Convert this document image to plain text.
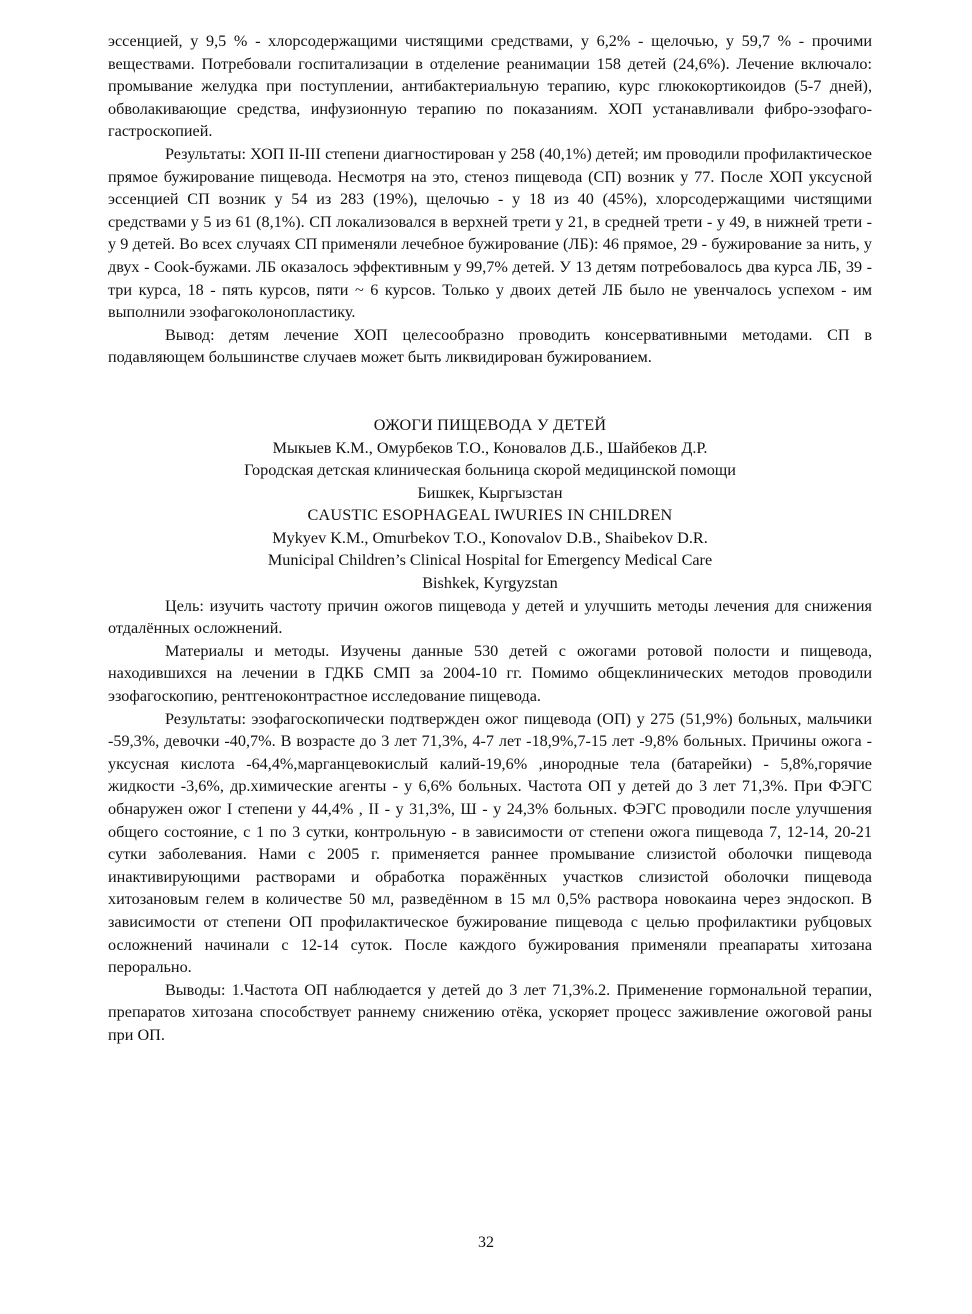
эссенцией, у 9,5 % - хлорсодержащими чистящими средствами, у 6,2% - щелочью, у 59,7 % - прочими веществами. Потребовали госпитализации в отделение реанимации 158 детей (24,6%). Лечение включало: промывание желудка при поступлении, антибактериальную терапию, курс глюкокортикоидов (5-7 дней), обволакивающие средства, инфузионную терапию по показаниям. ХОП устанавливали фибро-эзофаго-гастроскопией.

Результаты: ХОП II-III степени диагностирован у 258 (40,1%) детей; им проводили профилактическое прямое бужирование пищевода. Несмотря на это, стеноз пищевода (СП) возник у 77. После ХОП уксусной эссенцией СП возник у 54 из 283 (19%), щелочью - у 18 из 40 (45%), хлорсодержащими чистящими средствами у 5 из 61 (8,1%). СП локализовался в верхней трети у 21, в средней трети - у 49, в нижней трети - у 9 детей. Во всех случаях СП применяли лечебное бужирование (ЛБ): 46 прямое, 29 - бужирование за нить, у двух - Cook-бужами. ЛБ оказалось эффективным у 99,7% детей. У 13 детям потребовалось два курса ЛБ, 39 - три курса, 18 - пять курсов, пяти ~ 6 курсов. Только у двоих детей ЛБ было не увенчалось успехом - им выполнили эзофагоколонопластику.

Вывод: детям лечение ХОП целесообразно проводить консервативными методами. СП в подавляющем большинстве случаев может быть ликвидирован бужированием.

ОЖОГИ ПИЩЕВОДА У ДЕТЕЙ

Мыкыев К.М., Омурбеков Т.О., Коновалов Д.Б., Шайбеков Д.Р.

Городская детская клиническая больница скорой медицинской помощи

Бишкек, Кыргызстан

CAUSTIC ESOPHAGEAL IWURIES IN CHILDREN

Mykyev K.M., Omurbekov T.O., Konovalov D.B., Shaibekov D.R.

Municipal Children’s Clinical Hospital for Emergency Medical Care

Bishkek, Kyrgyzstan

Цель: изучить частоту причин ожогов пищевода у детей и улучшить методы лечения для снижения отдалённых осложнений.

Материалы и методы. Изучены данные 530 детей с ожогами ротовой полости и пищевода, находившихся на лечении в ГДКБ СМП за 2004-10 гг. Помимо общеклинических методов проводили эзофагоскопию, рентгеноконтрастное исследование пищевода.

Результаты: эзофагоскопически подтвержден ожог пищевода (ОП) у 275 (51,9%) больных, мальчики -59,3%, девочки -40,7%. В возрасте до 3 лет 71,3%, 4-7 лет -18,9%,7-15 лет -9,8% больных. Причины ожога - уксусная кислота -64,4%,марганцевокислый калий-19,6% ,инородные тела (батарейки) - 5,8%,горячие жидкости -3,6%, др.химические агенты - у 6,6% больных. Частота ОП у детей до 3 лет 71,3%. При ФЭГС обнаружен ожог I степени у 44,4% , II - у 31,3%, Ш - у 24,3% больных. ФЭГС проводили после улучшения общего состояние, с 1 по 3 сутки, контрольную - в зависимости от степени ожога пищевода 7, 12-14, 20-21 сутки заболевания. Нами с 2005 г. применяется раннее промывание слизистой оболочки пищевода инактивирующими растворами и обработка поражённых участков слизистой оболочки пищевода хитозановым гелем в количестве 50 мл, разведённом в 15 мл 0,5% раствора новокаина через эндоскоп. В зависимости от степени ОП профилактическое бужирование пищевода с целью профилактики рубцовых осложнений начинали с 12-14 суток. После каждого бужирования применяли преапараты хитозана перорально.

Выводы: 1.Частота ОП наблюдается у детей до 3 лет 71,3%.2. Применение гормональной терапии, препаратов хитозана способствует раннему снижению отёка, ускоряет процесс заживление ожоговой раны при ОП.

32
